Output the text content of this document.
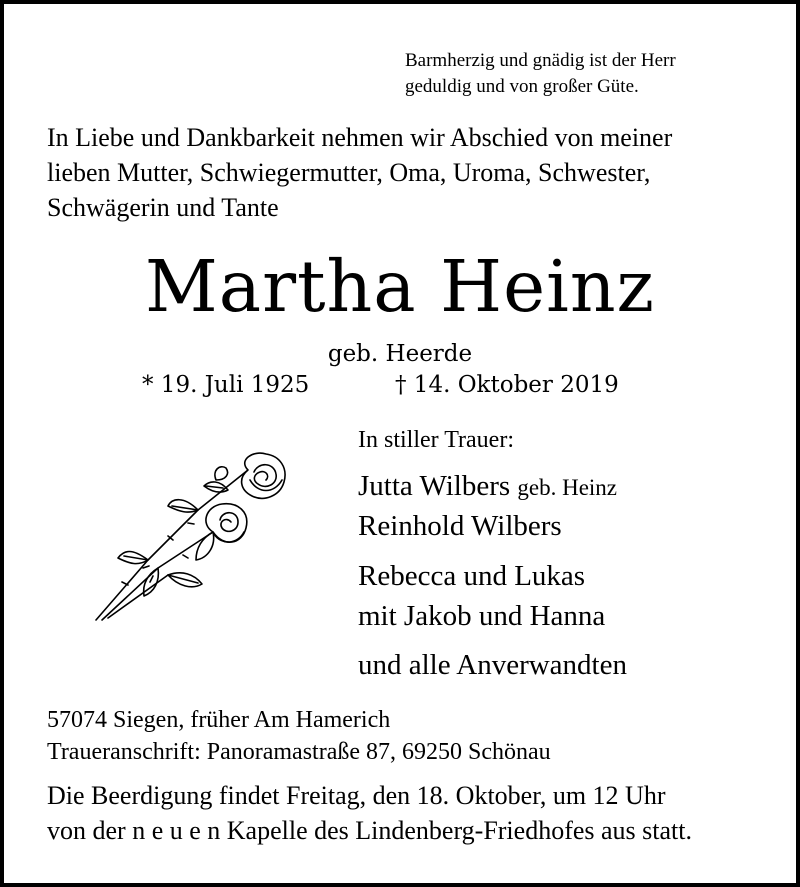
Barmherzig und gnädig ist der Herr
geduldig und von großer Güte.
In Liebe und Dankbarkeit nehmen wir Abschied von meiner
lieben Mutter, Schwiegermutter, Oma, Uroma, Schwester,
Schwägerin und Tante
Martha Heinz
geb. Heerde
* 19. Juli 1925	† 14. Oktober 2019
In stiller Trauer:
Jutta Wilbers geb. Heinz
Reinhold Wilbers
Rebecca und Lukas
mit Jakob und Hanna
und alle Anverwandten
57074 Siegen, früher Am Hamerich
Traueranschrift: Panoramastraße 87, 69250 Schönau
Die Beerdigung findet Freitag, den 18. Oktober, um 12 Uhr
von der n e u e n Kapelle des Lindenberg-Friedhofes aus statt.
